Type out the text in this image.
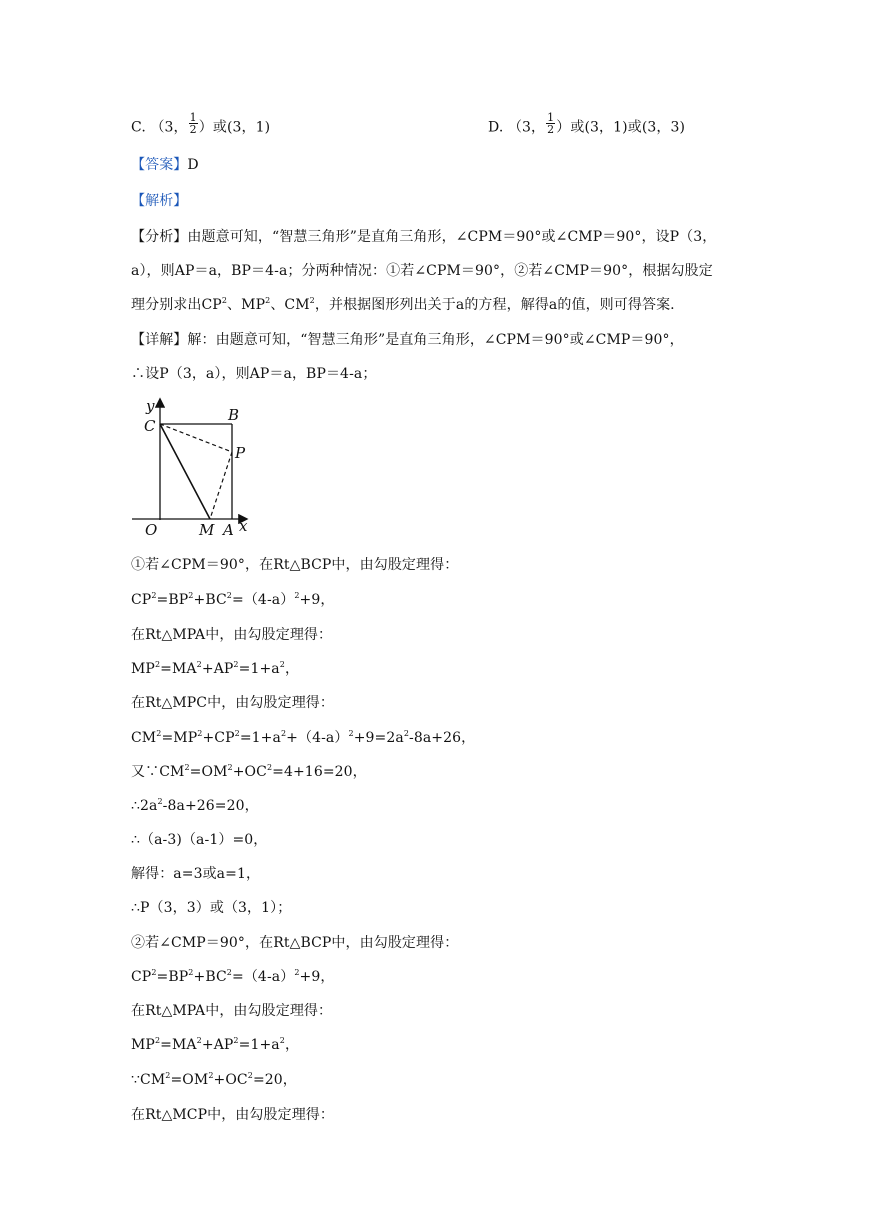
C. （3， $\frac{1}{2}$ ）或(3，1)	D. （3， $\frac{1}{2}$ ）或(3，1)或(3，3)
【答案】D
【解析】
【分析】由题意可知，“智慧三角形”是直角三角形，∠CPM＝90°或∠CMP＝90°，设P（3，
a），则AP＝a，BP＝4-a；分两种情况：①若∠CPM＝90°，②若∠CMP＝90°，根据勾股定
理分别求出$CP^2$、$MP^2$、$CM^2$，并根据图形列出关于a的方程，解得a的值，则可得答案.
【详解】解：由题意可知，“智慧三角形”是直角三角形，∠CPM＝90°或∠CMP＝90°，
∴设P（3，a），则AP＝a，BP＝4-a；
y
C
B
P
O	M A x
①若∠CPM＝90°，在Rt△BCP中，由勾股定理得：
$CP^2=BP^2+BC^2=(4-a)^2+9$，
在Rt△MPA中，由勾股定理得：
$MP^2=MA^2+AP^2=1+a^2$，
在Rt△MPC中，由勾股定理得：
$CM^2=MP^2+CP^2=1+a^2+(4-a)^2+9=2a^2-8a+26$，
又$\because CM^2=OM^2+OC^2=4+16=20$，
$\therefore 2a^2-8a+26=20$，
∴（a-3)（a-1）=0，
解得：a=3或a=1，
∴P（3，3）或（3，1）；
②若∠CMP＝90°，在Rt△BCP中，由勾股定理得：
$CP^2=BP^2+BC^2=(4-a)^2+9$，
在Rt△MPA中，由勾股定理得：
$MP^2=MA^2+AP^2=1+a^2$，
$\because CM^2=OM^2+OC^2=20$，
在Rt△MCP中，由勾股定理得：
